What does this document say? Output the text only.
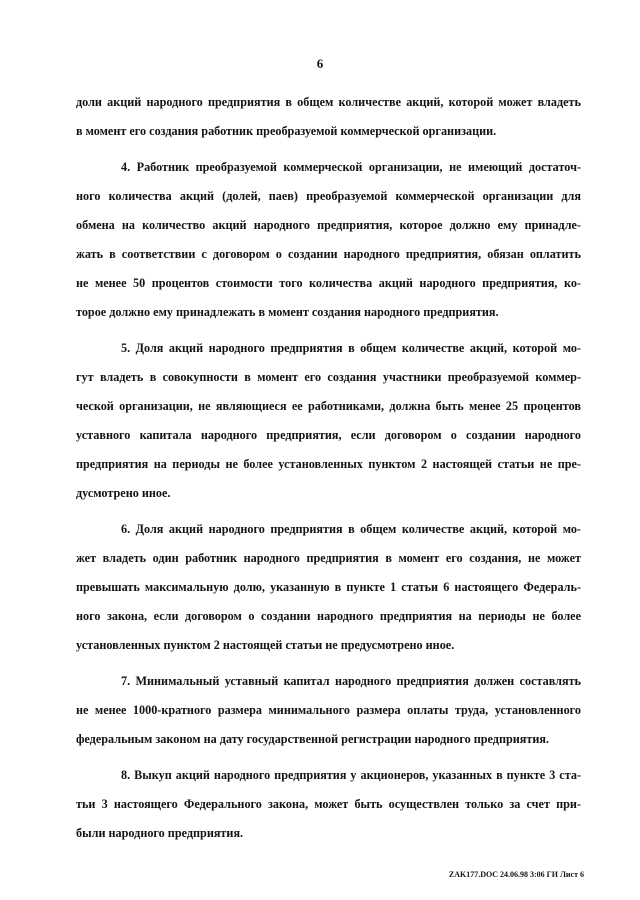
6
доли акций народного предприятия в общем количестве акций, которой может владеть
в момент его создания работник преобразуемой коммерческой организации.
4. Работник преобразуемой коммерческой организации, не имеющий достаточ-
ного количества акций (долей, паев) преобразуемой коммерческой организации для
обмена на количество акций народного предприятия, которое должно ему принадле-
жать в соответствии с договором о создании народного предприятия, обязан оплатить
не менее 50 процентов стоимости того количества акций народного предприятия, ко-
торое должно ему принадлежать в момент создания народного предприятия.
5. Доля акций народного предприятия в общем количестве акций, которой мо-
гут владеть в совокупности в момент его создания участники преобразуемой коммер-
ческой организации, не являющиеся ее работниками, должна быть менее 25 процентов
уставного капитала народного предприятия, если договором о создании народного
предприятия на периоды не более установленных пунктом 2 настоящей статьи не пре-
дусмотрено иное.
6. Доля акций народного предприятия в общем количестве акций, которой мо-
жет владеть один работник народного предприятия в момент его создания, не может
превышать максимальную долю, указанную в пункте 1 статьи 6 настоящего Федераль-
ного закона, если договором о создании народного предприятия на периоды не более
установленных пунктом 2 настоящей статьи не предусмотрено иное.
7. Минимальный уставный капитал народного предприятия должен составлять
не менее 1000-кратного размера минимального размера оплаты труда, установленного
федеральным законом на дату государственной регистрации народного предприятия.
8. Выкуп акций народного предприятия у акционеров, указанных в пункте 3 ста-
тьи 3 настоящего Федерального закона, может быть осуществлен только за счет при-
были народного предприятия.
ZAK177.DOC 24.06.98 3:06 ГИ Лист 6
